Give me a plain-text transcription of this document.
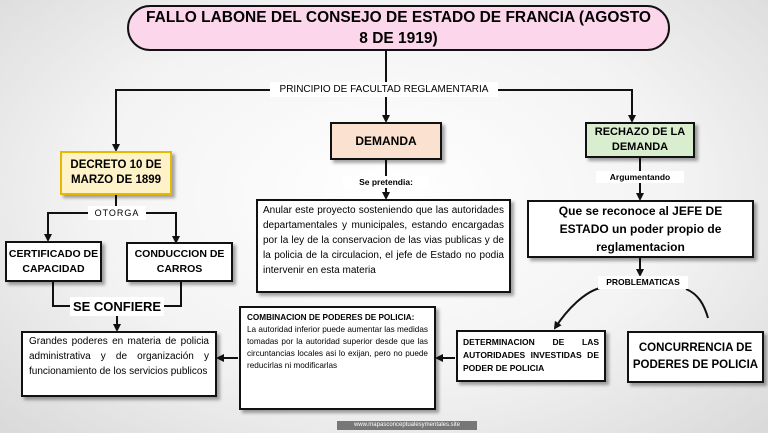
FALLO LABONE DEL CONSEJO DE ESTADO DE FRANCIA (AGOSTO 8 DE 1919)
PRINCIPIO DE FACULTAD REGLAMENTARIA
DECRETO 10 DE MARZO DE 1899
OTORGA
CERTIFICADO DE CAPACIDAD
CONDUCCION DE CARROS
SE CONFIERE
Grandes poderes en materia de policia administrativa y de organización y funcionamiento de los servicios publicos
DEMANDA
Se pretendia:
Anular este proyecto sosteniendo que las autoridades departamentales y municipales, estando encargadas por la ley de la conservacion de las vias publicas y de la policia de la circulacion, el jefe de Estado no podia intervenir en esta materia
COMBINACION DE PODERES DE POLICIA:
La autoridad inferior puede aumentar las medidas tomadas por la autoridad superior desde que las circuntancias locales asi lo exijan, pero no puede reducirlas ni modificarlas
RECHAZO DE LA DEMANDA
Argumentando
Que se reconoce al JEFE DE ESTADO un poder propio de reglamentacion
PROBLEMATICAS
DETERMINACION DE LAS AUTORIDADES INVESTIDAS DE PODER DE POLICIA
CONCURRENCIA DE PODERES DE POLICIA
www.mapasconceptualesymentales.site
